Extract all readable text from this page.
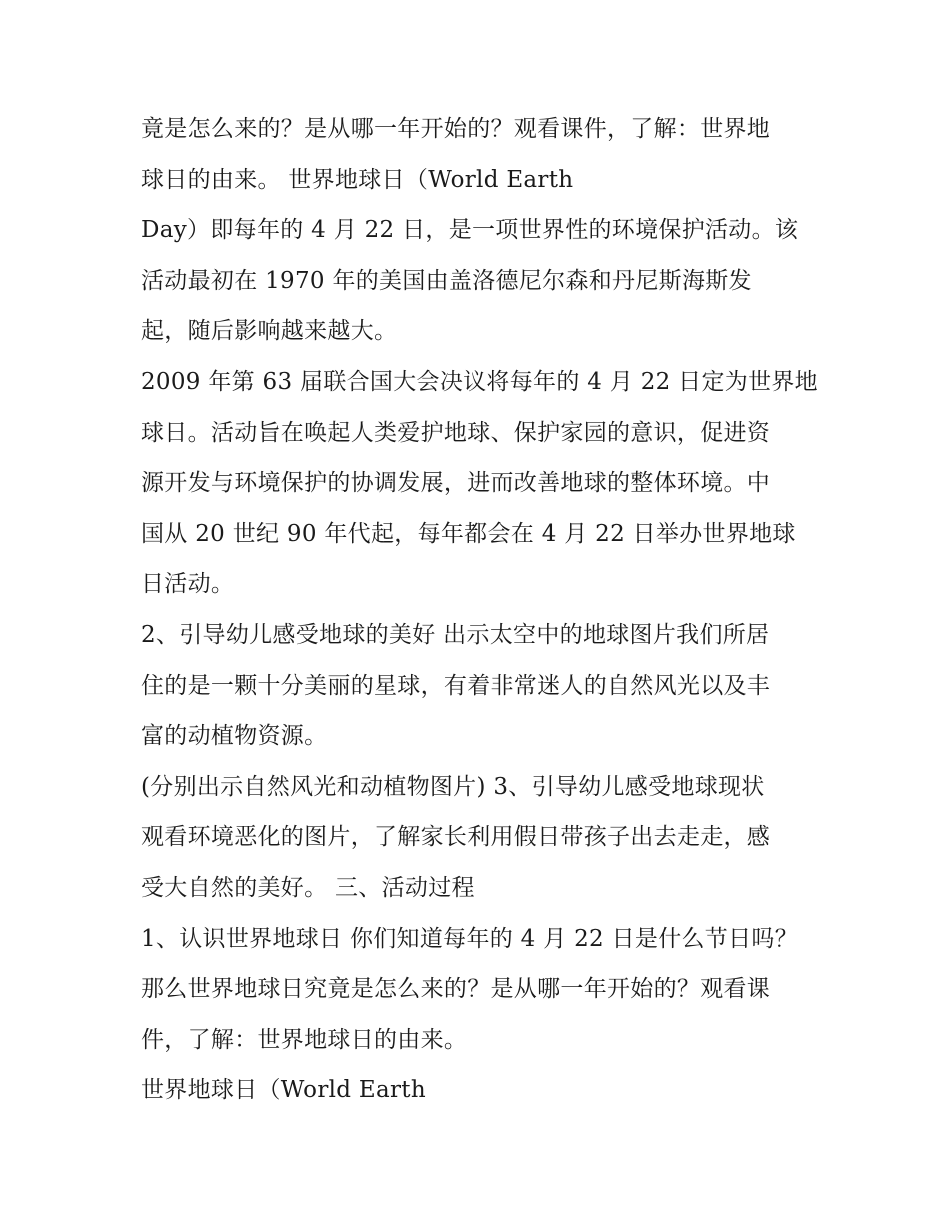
竟是怎么来的？是从哪一年开始的？观看课件，了解：世界地
球日的由来。 世界地球日（World Earth
Day）即每年的 4 月 22 日，是一项世界性的环境保护活动。该
活动最初在 1970 年的美国由盖洛德尼尔森和丹尼斯海斯发
起，随后影响越来越大。
2009 年第 63 届联合国大会决议将每年的 4 月 22 日定为世界地
球日。活动旨在唤起人类爱护地球、保护家园的意识，促进资
源开发与环境保护的协调发展，进而改善地球的整体环境。中
国从 20 世纪 90 年代起，每年都会在 4 月 22 日举办世界地球
日活动。
2、引导幼儿感受地球的美好 出示太空中的地球图片我们所居
住的是一颗十分美丽的星球，有着非常迷人的自然风光以及丰
富的动植物资源。
(分别出示自然风光和动植物图片) 3、引导幼儿感受地球现状
观看环境恶化的图片，了解家长利用假日带孩子出去走走，感
受大自然的美好。 三、活动过程
1、认识世界地球日 你们知道每年的 4 月 22 日是什么节日吗？
那么世界地球日究竟是怎么来的？是从哪一年开始的？观看课
件，了解：世界地球日的由来。
世界地球日（World Earth
